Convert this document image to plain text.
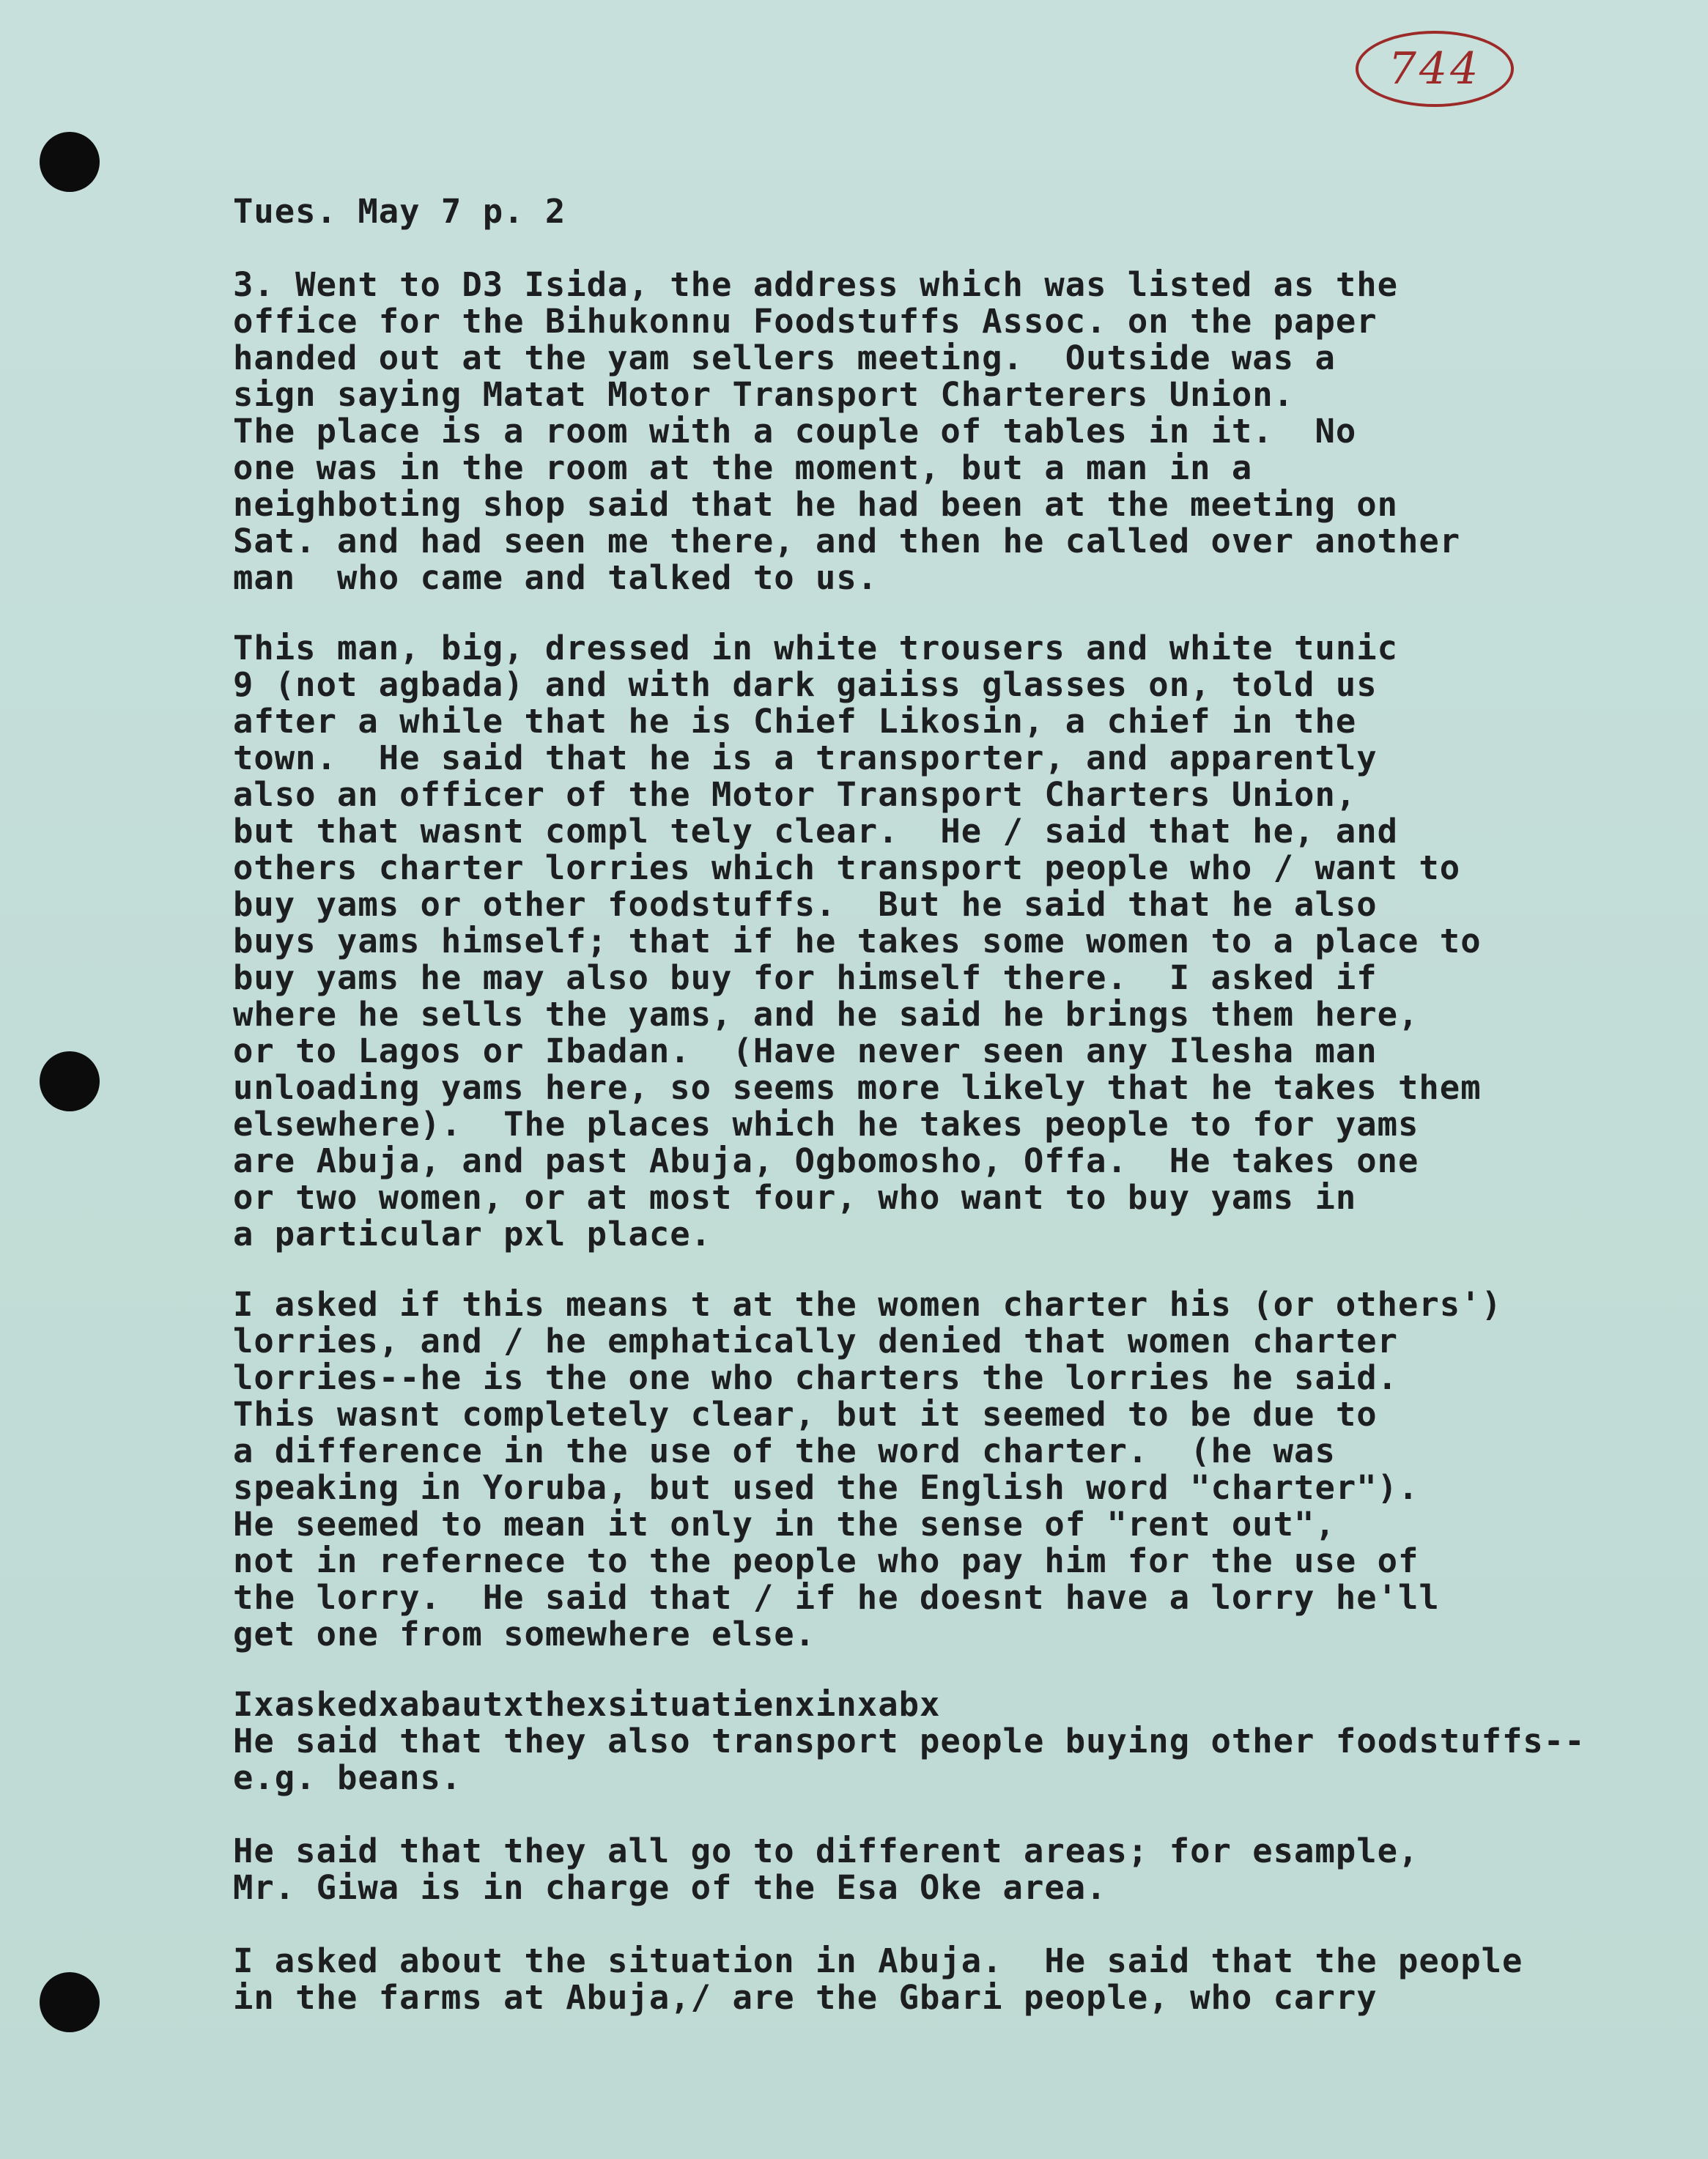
744
Tues. May 7 p. 2
3. Went to D3 Isida, the address which was listed as the
office for the Bihukonnu Foodstuffs Assoc. on the paper
handed out at the yam sellers meeting.  Outside was a
sign saying Matat Motor Transport Charterers Union.
The place is a room with a couple of tables in it.  No
one was in the room at the moment, but a man in a
neighboting shop said that he had been at the meeting on
Sat. and had seen me there, and then he called over another
man  who came and talked to us.
This man, big, dressed in white trousers and white tunic
9 (not agbada) and with dark gaiiss glasses on, told us
after a while that he is Chief Likosin, a chief in the
town.  He said that he is a transporter, and apparently
also an officer of the Motor Transport Charters Union,
but that wasnt compl tely clear.  He / said that he, and
others charter lorries which transport people who / want to
buy yams or other foodstuffs.  But he said that he also
buys yams himself; that if he takes some women to a place to
buy yams he may also buy for himself there.  I asked if
where he sells the yams, and he said he brings them here,
or to Lagos or Ibadan.  (Have never seen any Ilesha man
unloading yams here, so seems more likely that he takes them
elsewhere).  The places which he takes people to for yams
are Abuja, and past Abuja, Ogbomosho, Offa.  He takes one
or two women, or at most four, who want to buy yams in
a particular pxl place.
I asked if this means t at the women charter his (or others')
lorries, and / he emphatically denied that women charter
lorries--he is the one who charters the lorries he said.
This wasnt completely clear, but it seemed to be due to
a difference in the use of the word charter.  (he was
speaking in Yoruba, but used the English word "charter").
He seemed to mean it only in the sense of "rent out",
not in refernece to the people who pay him for the use of
the lorry.  He said that / if he doesnt have a lorry he'll
get one from somewhere else.
Ixaskedxabautxthexsituatienxinxabx
He said that they also transport people buying other foodstuffs--
e.g. beans.
He said that they all go to different areas; for esample,
Mr. Giwa is in charge of the Esa Oke area.
I asked about the situation in Abuja.  He said that the people
in the farms at Abuja,/ are the Gbari people, who carry
